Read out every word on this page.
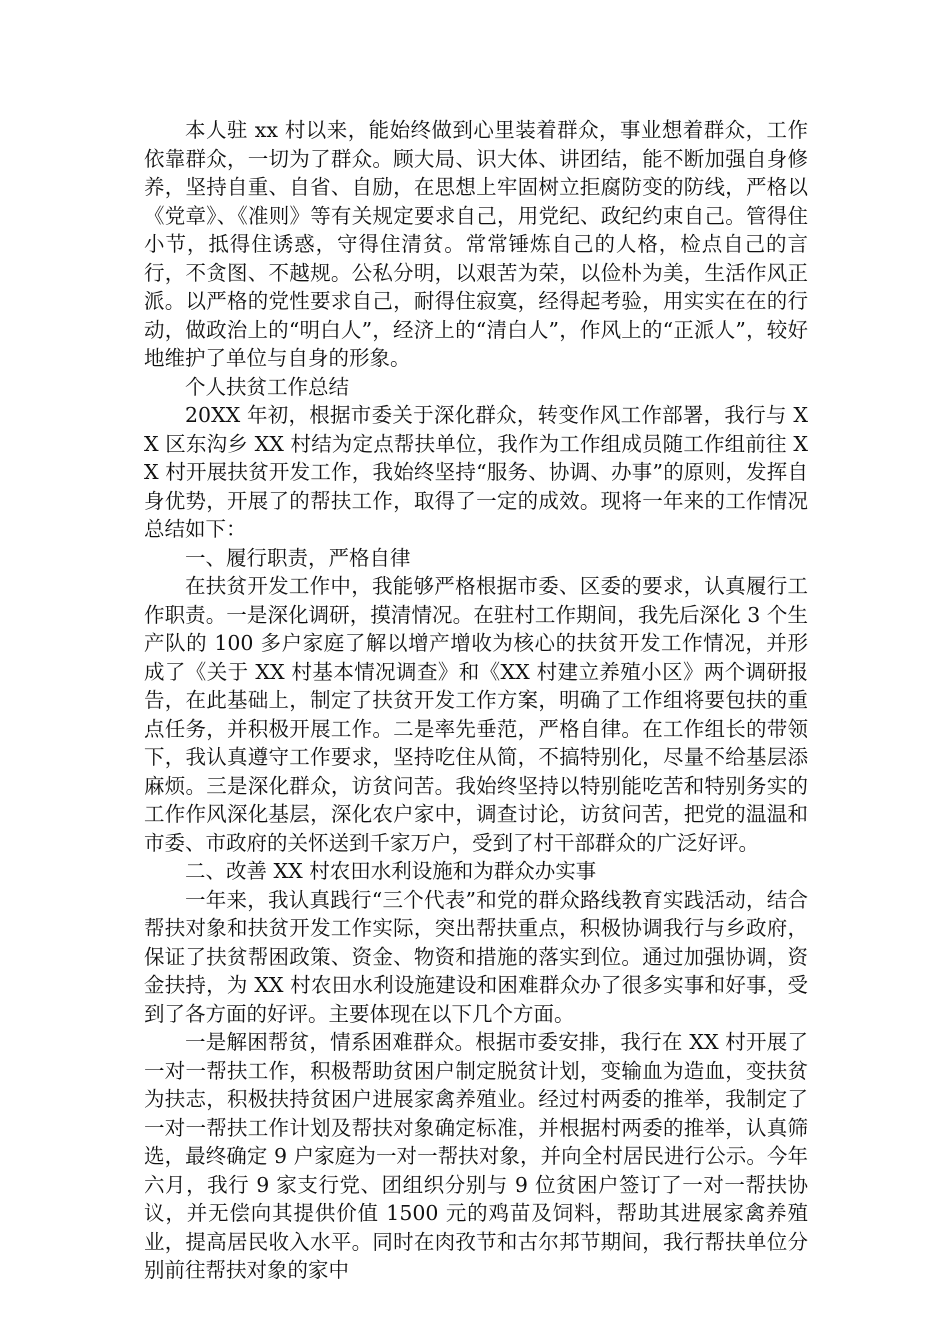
本人驻 xx 村以来，能始终做到心里装着群众，事业想着群众，工作依靠群众，一切为了群众。顾大局、识大体、讲团结，能不断加强自身修养，坚持自重、自省、自励，在思想上牢固树立拒腐防变的防线，严格以《党章》、《准则》等有关规定要求自己，用党纪、政纪约束自己。管得住小节，抵得住诱惑，守得住清贫。常常锤炼自己的人格，检点自己的言行，不贪图、不越规。公私分明，以艰苦为荣，以俭朴为美，生活作风正派。以严格的党性要求自己，耐得住寂寞，经得起考验，用实实在在的行动，做政治上的“明白人”，经济上的“清白人”，作风上的“正派人”，较好地维护了单位与自身的形象。

个人扶贫工作总结

20XX 年初，根据市委关于深化群众，转变作风工作部署，我行与 XX 区东沟乡 XX 村结为定点帮扶单位，我作为工作组成员随工作组前往 XX 村开展扶贫开发工作，我始终坚持“服务、协调、办事”的原则，发挥自身优势，开展了的帮扶工作，取得了一定的成效。现将一年来的工作情况总结如下：

一、履行职责，严格自律

在扶贫开发工作中，我能够严格根据市委、区委的要求，认真履行工作职责。一是深化调研，摸清情况。在驻村工作期间，我先后深化 3 个生产队的 100 多户家庭了解以增产增收为核心的扶贫开发工作情况，并形成了《关于 XX 村基本情况调查》和《XX 村建立养殖小区》两个调研报告，在此基础上，制定了扶贫开发工作方案，明确了工作组将要包扶的重点任务，并积极开展工作。二是率先垂范，严格自律。在工作组长的带领下，我认真遵守工作要求，坚持吃住从简，不搞特别化，尽量不给基层添麻烦。三是深化群众，访贫问苦。我始终坚持以特别能吃苦和特别务实的工作作风深化基层，深化农户家中，调查讨论，访贫问苦，把党的温温和市委、市政府的关怀送到千家万户，受到了村干部群众的广泛好评。

二、改善 XX 村农田水利设施和为群众办实事

一年来，我认真践行“三个代表”和党的群众路线教育实践活动，结合帮扶对象和扶贫开发工作实际，突出帮扶重点，积极协调我行与乡政府，保证了扶贫帮困政策、资金、物资和措施的落实到位。通过加强协调，资金扶持，为 XX 村农田水利设施建设和困难群众办了很多实事和好事，受到了各方面的好评。主要体现在以下几个方面。

一是解困帮贫，情系困难群众。根据市委安排，我行在 XX 村开展了一对一帮扶工作，积极帮助贫困户制定脱贫计划，变输血为造血，变扶贫为扶志，积极扶持贫困户进展家禽养殖业。经过村两委的推举，我制定了一对一帮扶工作计划及帮扶对象确定标准，并根据村两委的推举，认真筛选，最终确定 9 户家庭为一对一帮扶对象，并向全村居民进行公示。今年六月，我行 9 家支行党、团组织分别与 9 位贫困户签订了一对一帮扶协议，并无偿向其提供价值 1500 元的鸡苗及饲料，帮助其进展家禽养殖业，提高居民收入水平。同时在肉孜节和古尔邦节期间，我行帮扶单位分别前往帮扶对象的家中
